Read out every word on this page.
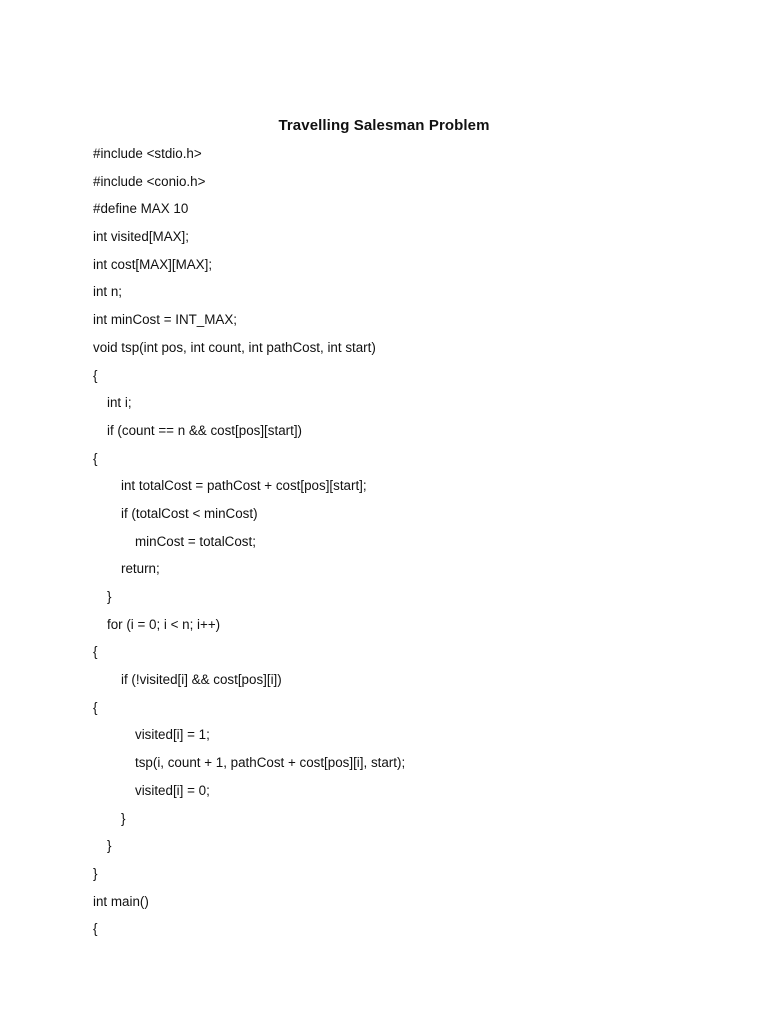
Travelling Salesman Problem
#include <stdio.h>
#include <conio.h>
#define MAX 10
int visited[MAX];
int cost[MAX][MAX];
int n;
int minCost = INT_MAX;
void tsp(int pos, int count, int pathCost, int start)
{
int i;
if (count == n && cost[pos][start])
{
int totalCost = pathCost + cost[pos][start];
if (totalCost < minCost)
minCost = totalCost;
return;
}
for (i = 0; i < n; i++)
{
if (!visited[i] && cost[pos][i])
{
visited[i] = 1;
tsp(i, count + 1, pathCost + cost[pos][i], start);
visited[i] = 0;
}
}
}
int main()
{
